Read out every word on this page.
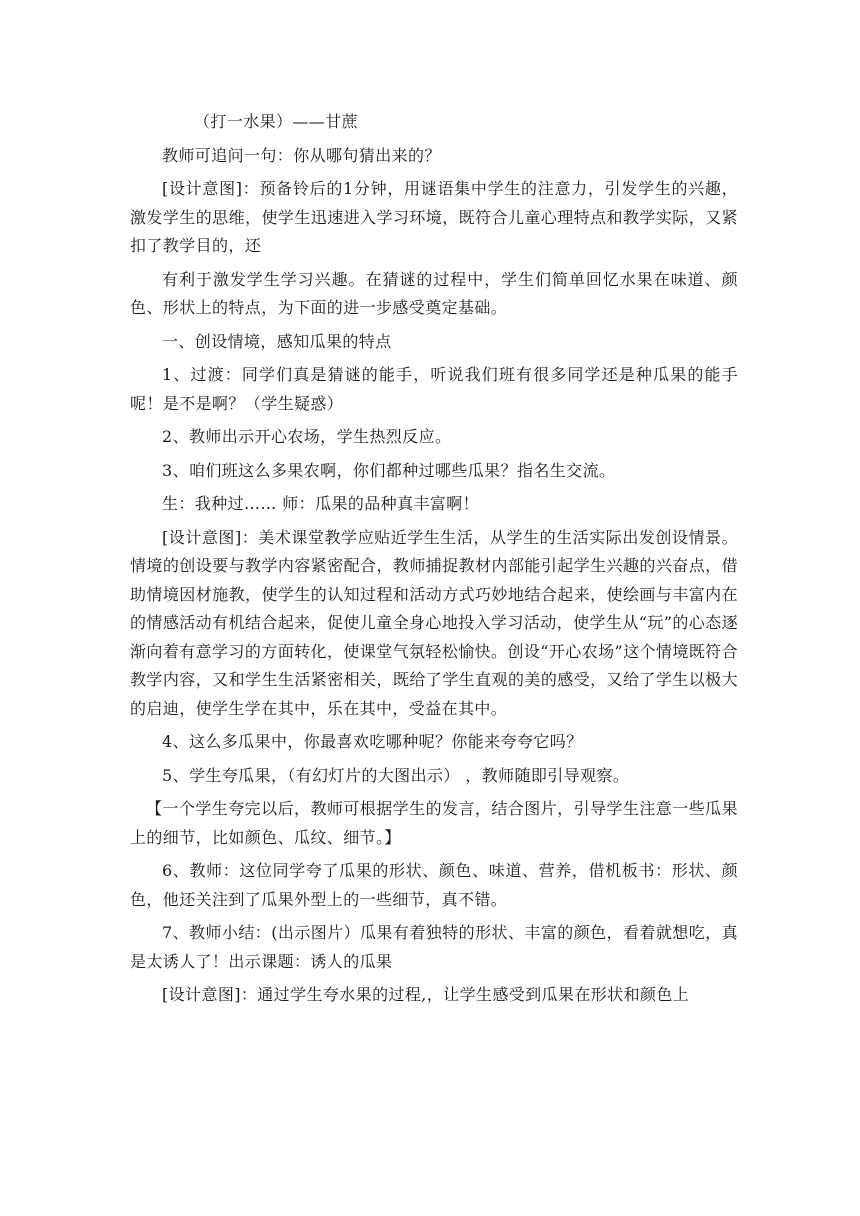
（打一水果）——甘蔗

教师可追问一句：你从哪句猜出来的？

[设计意图]：预备铃后的1分钟，用谜语集中学生的注意力，引发学生的兴趣，激发学生的思维，使学生迅速进入学习环境，既符合儿童心理特点和教学实际，又紧扣了教学目的，还

有利于激发学生学习兴趣。在猜谜的过程中，学生们简单回忆水果在味道、颜色、形状上的特点，为下面的进一步感受奠定基础。

一、创设情境，感知瓜果的特点

1、过渡：同学们真是猜谜的能手，听说我们班有很多同学还是种瓜果的能手呢！是不是啊？（学生疑惑）

2、教师出示开心农场，学生热烈反应。

3、咱们班这么多果农啊，你们都种过哪些瓜果？指名生交流。

生：我种过…… 师：瓜果的品种真丰富啊！

[设计意图]：美术课堂教学应贴近学生生活，从学生的生活实际出发创设情景。情境的创设要与教学内容紧密配合，教师捕捉教材内部能引起学生兴趣的兴奋点，借助情境因材施教，使学生的认知过程和活动方式巧妙地结合起来，使绘画与丰富内在的情感活动有机结合起来，促使儿童全身心地投入学习活动，使学生从“玩”的心态逐渐向着有意学习的方面转化，使课堂气氛轻松愉快。创设“开心农场”这个情境既符合教学内容，又和学生生活紧密相关，既给了学生直观的美的感受，又给了学生以极大的启迪，使学生学在其中，乐在其中，受益在其中。

4、这么多瓜果中，你最喜欢吃哪种呢？你能来夸夸它吗？

5、学生夸瓜果，（有幻灯片的大图出示） ，教师随即引导观察。

【一个学生夸完以后，教师可根据学生的发言，结合图片，引导学生注意一些瓜果上的细节，比如颜色、瓜纹、细节。】

6、教师：这位同学夸了瓜果的形状、颜色、味道、营养，借机板书：形状、颜色，他还关注到了瓜果外型上的一些细节，真不错。

7、教师小结：(出示图片）瓜果有着独特的形状、丰富的颜色，看着就想吃，真是太诱人了！出示课题：诱人的瓜果

[设计意图]：通过学生夸水果的过程,，让学生感受到瓜果在形状和颜色上
